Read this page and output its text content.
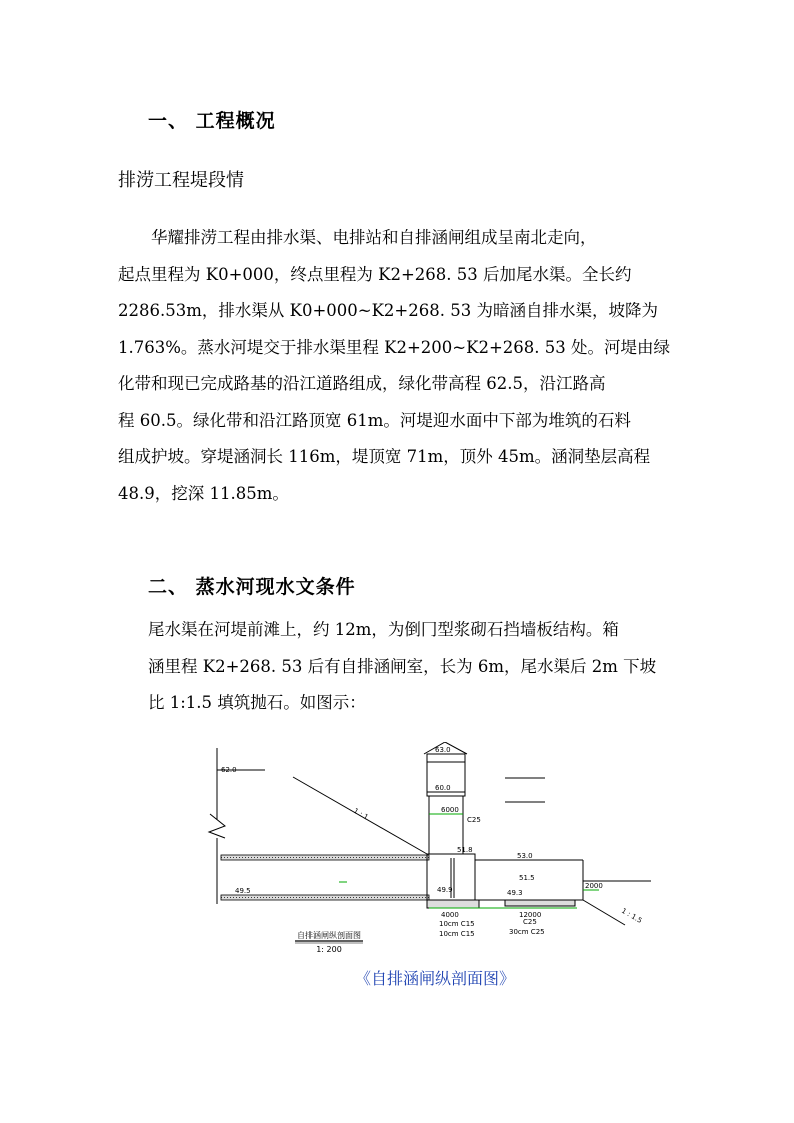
一、 工程概况
排涝工程堤段情
　　华耀排涝工程由排水渠、电排站和自排涵闸组成呈南北走向，
起点里程为 K0+000，终点里程为 K2+268. 53 后加尾水渠。全长约
2286.53m，排水渠从 K0+000~K2+268. 53 为暗涵自排水渠，坡降为
1.763%。蒸水河堤交于排水渠里程 K2+200~K2+268. 53 处。河堤由绿
化带和现已完成路基的沿江道路组成，绿化带高程 62.5，沿江路高
程 60.5。绿化带和沿江路顶宽 61m。河堤迎水面中下部为堆筑的石料
组成护坡。穿堤涵洞长 116m，堤顶宽 71m，顶外 45m。涵洞垫层高程
48.9，挖深 11.85m。
二、 蒸水河现水文条件
尾水渠在河堤前滩上，约 12m，为倒冂型浆砌石挡墙板结构。箱
涵里程 K2+268. 53 后有自排涵闸室，长为 6m，尾水渠后 2m 下坡
比 1:1.5 填筑抛石。如图示：
62.0
63.0
60.0
53.0
51.8
51.5
49.9
49.5	49.3
6000
4000	12000
2000
1 : 1.5
1 : 1	C25
C25
10cm C15
30cm C25
10cm C15
自排涵闸纵剖面图
1: 200
《自排涵闸纵剖面图》
